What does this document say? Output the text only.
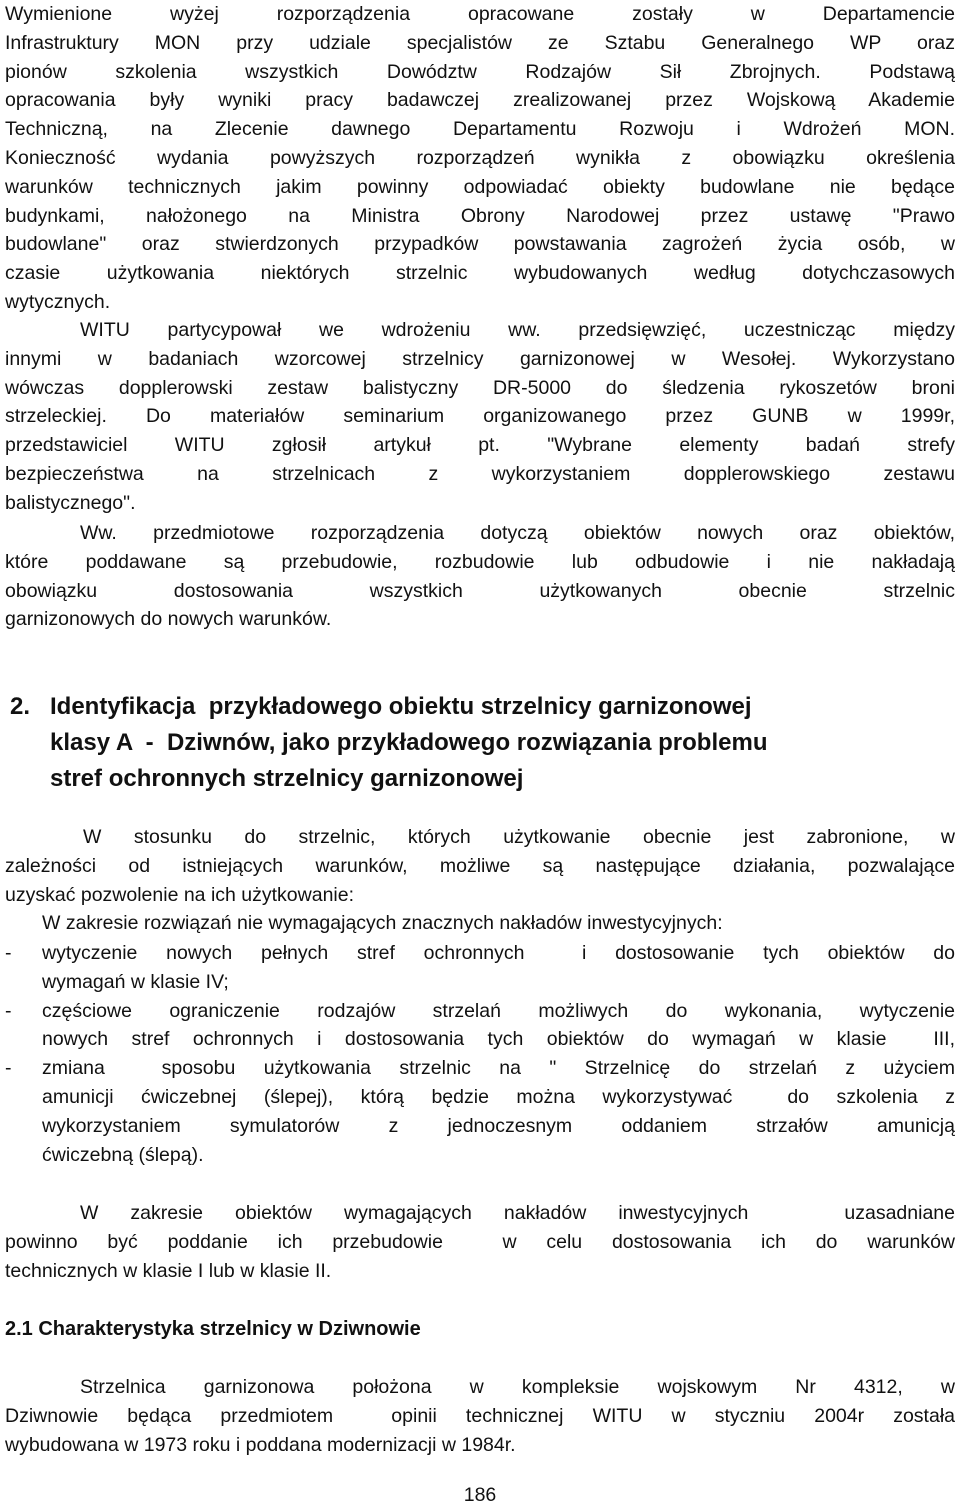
Wymienione wyżej rozporządzenia opracowane zostały w Departamencie
Infrastruktury MON przy udziale specjalistów ze Sztabu Generalnego WP oraz
pionów szkolenia wszystkich Dowództw Rodzajów Sił Zbrojnych. Podstawą
opracowania były wyniki pracy badawczej zrealizowanej przez Wojskową Akademie
Techniczną, na Zlecenie dawnego Departamentu Rozwoju i Wdrożeń MON.
Konieczność wydania powyższych rozporządzeń wynikła z obowiązku określenia
warunków technicznych jakim powinny odpowiadać obiekty budowlane nie będące
budynkami, nałożonego na Ministra Obrony Narodowej przez ustawę "Prawo
budowlane" oraz stwierdzonych przypadków powstawania zagrożeń życia osób, w
czasie użytkowania niektórych strzelnic wybudowanych według dotychczasowych
wytycznych.

WITU partycypował we wdrożeniu ww. przedsięwzięć, uczestnicząc między
innymi w badaniach wzorcowej strzelnicy garnizonowej w Wesołej. Wykorzystano
wówczas dopplerowski zestaw balistyczny DR-5000 do śledzenia rykoszetów broni
strzeleckiej. Do materiałów seminarium organizowanego przez GUNB w 1999r,
przedstawiciel WITU zgłosił artykuł pt. "Wybrane elementy badań strefy
bezpieczeństwa na strzelnicach z wykorzystaniem dopplerowskiego zestawu
balistycznego".

Ww. przedmiotowe rozporządzenia dotyczą obiektów nowych oraz obiektów,
które poddawane są przebudowie, rozbudowie lub odbudowie i nie nakładają
obowiązku dostosowania wszystkich użytkowanych obecnie strzelnic
garnizonowych do nowych warunków.

2. Identyfikacja  przykładowego obiektu strzelnicy garnizonowej
klasy A  -  Dziwnów, jako przykładowego rozwiązania problemu
stref ochronnych strzelnicy garnizonowej

W stosunku do strzelnic, których użytkowanie obecnie jest zabronione, w
zależności od istniejących warunków, możliwe są następujące działania, pozwalające
uzyskać pozwolenie na ich użytkowanie:
W zakresie rozwiązań nie wymagających znacznych nakładów inwestycyjnych:

-	wytyczenie nowych pełnych stref ochronnych  i dostosowanie tych obiektów do
wymagań w klasie IV;
-	częściowe ograniczenie rodzajów strzelań możliwych do wykonania, wytyczenie
nowych stref ochronnych i dostosowania tych obiektów do wymagań w klasie  III,
-	zmiana  sposobu użytkowania strzelnic na " Strzelnicę do strzelań z użyciem
amunicji ćwiczebnej (ślepej), którą będzie można wykorzystywać  do szkolenia z
wykorzystaniem symulatorów z jednoczesnym oddaniem strzałów amunicją
ćwiczebną (ślepą).

W zakresie obiektów wymagających nakładów inwestycyjnych   uzasadniane
powinno być poddanie ich przebudowie  w celu dostosowania ich do warunków
technicznych w klasie I lub w klasie II.

2.1 Charakterystyka strzelnicy w Dziwnowie

Strzelnica garnizonowa położona w kompleksie wojskowym Nr 4312, w
Dziwnowie będąca przedmiotem  opinii technicznej WITU w styczniu 2004r została
wybudowana w 1973 roku i poddana modernizacji w 1984r.

186
